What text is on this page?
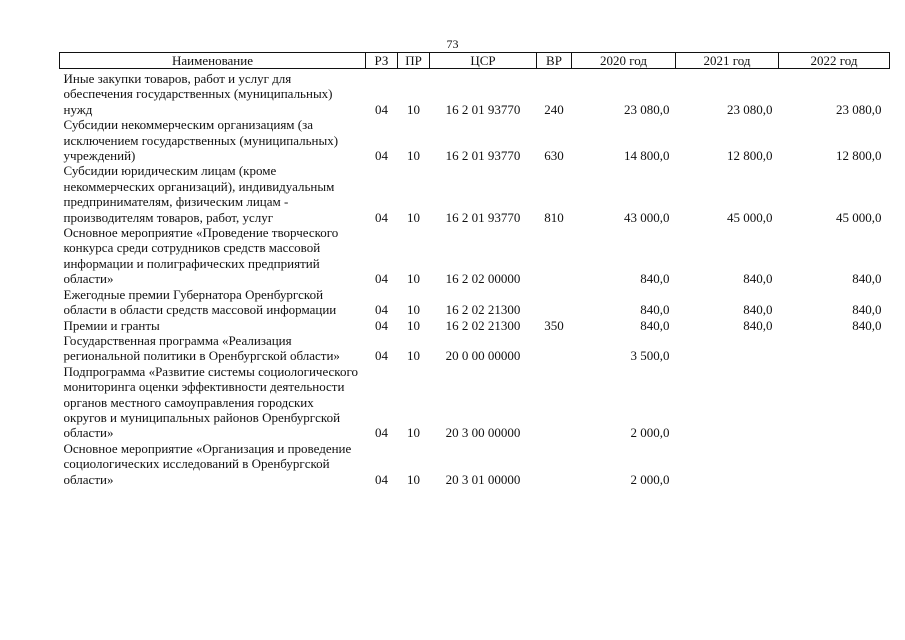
73
Наименование	РЗ	ПР	ЦСР	ВР	2020 год	2021 год	2022 год

Иные закупки товаров, работ и услуг для обеспечения государственных (муниципальных) нужд	04	10	16 2 01 93770	240	23 080,0	23 080,0	23 080,0
Субсидии некоммерческим организациям (за исключением государственных (муниципальных) учреждений)	04	10	16 2 01 93770	630	14 800,0	12 800,0	12 800,0
Субсидии юридическим лицам (кроме некоммерческих организаций), индивидуальным предпринимателям, физическим лицам - производителям товаров, работ, услуг	04	10	16 2 01 93770	810	43 000,0	45 000,0	45 000,0
Основное мероприятие «Проведение творческого конкурса среди сотрудников средств массовой информации и полиграфических предприятий области»	04	10	16 2 02 00000		840,0	840,0	840,0
Ежегодные премии Губернатора Оренбургской области в области средств массовой информации	04	10	16 2 02 21300		840,0	840,0	840,0
Премии и гранты	04	10	16 2 02 21300	350	840,0	840,0	840,0
Государственная программа «Реализация региональной политики в Оренбургской области»	04	10	20 0 00 00000		3 500,0		
Подпрограмма «Развитие системы социологического мониторинга оценки эффективности деятельности органов местного самоуправления городских округов и муниципальных районов Оренбургской области»	04	10	20 3 00 00000		2 000,0		
Основное мероприятие «Организация и проведение социологических исследований в Оренбургской области»	04	10	20 3 01 00000		2 000,0		
